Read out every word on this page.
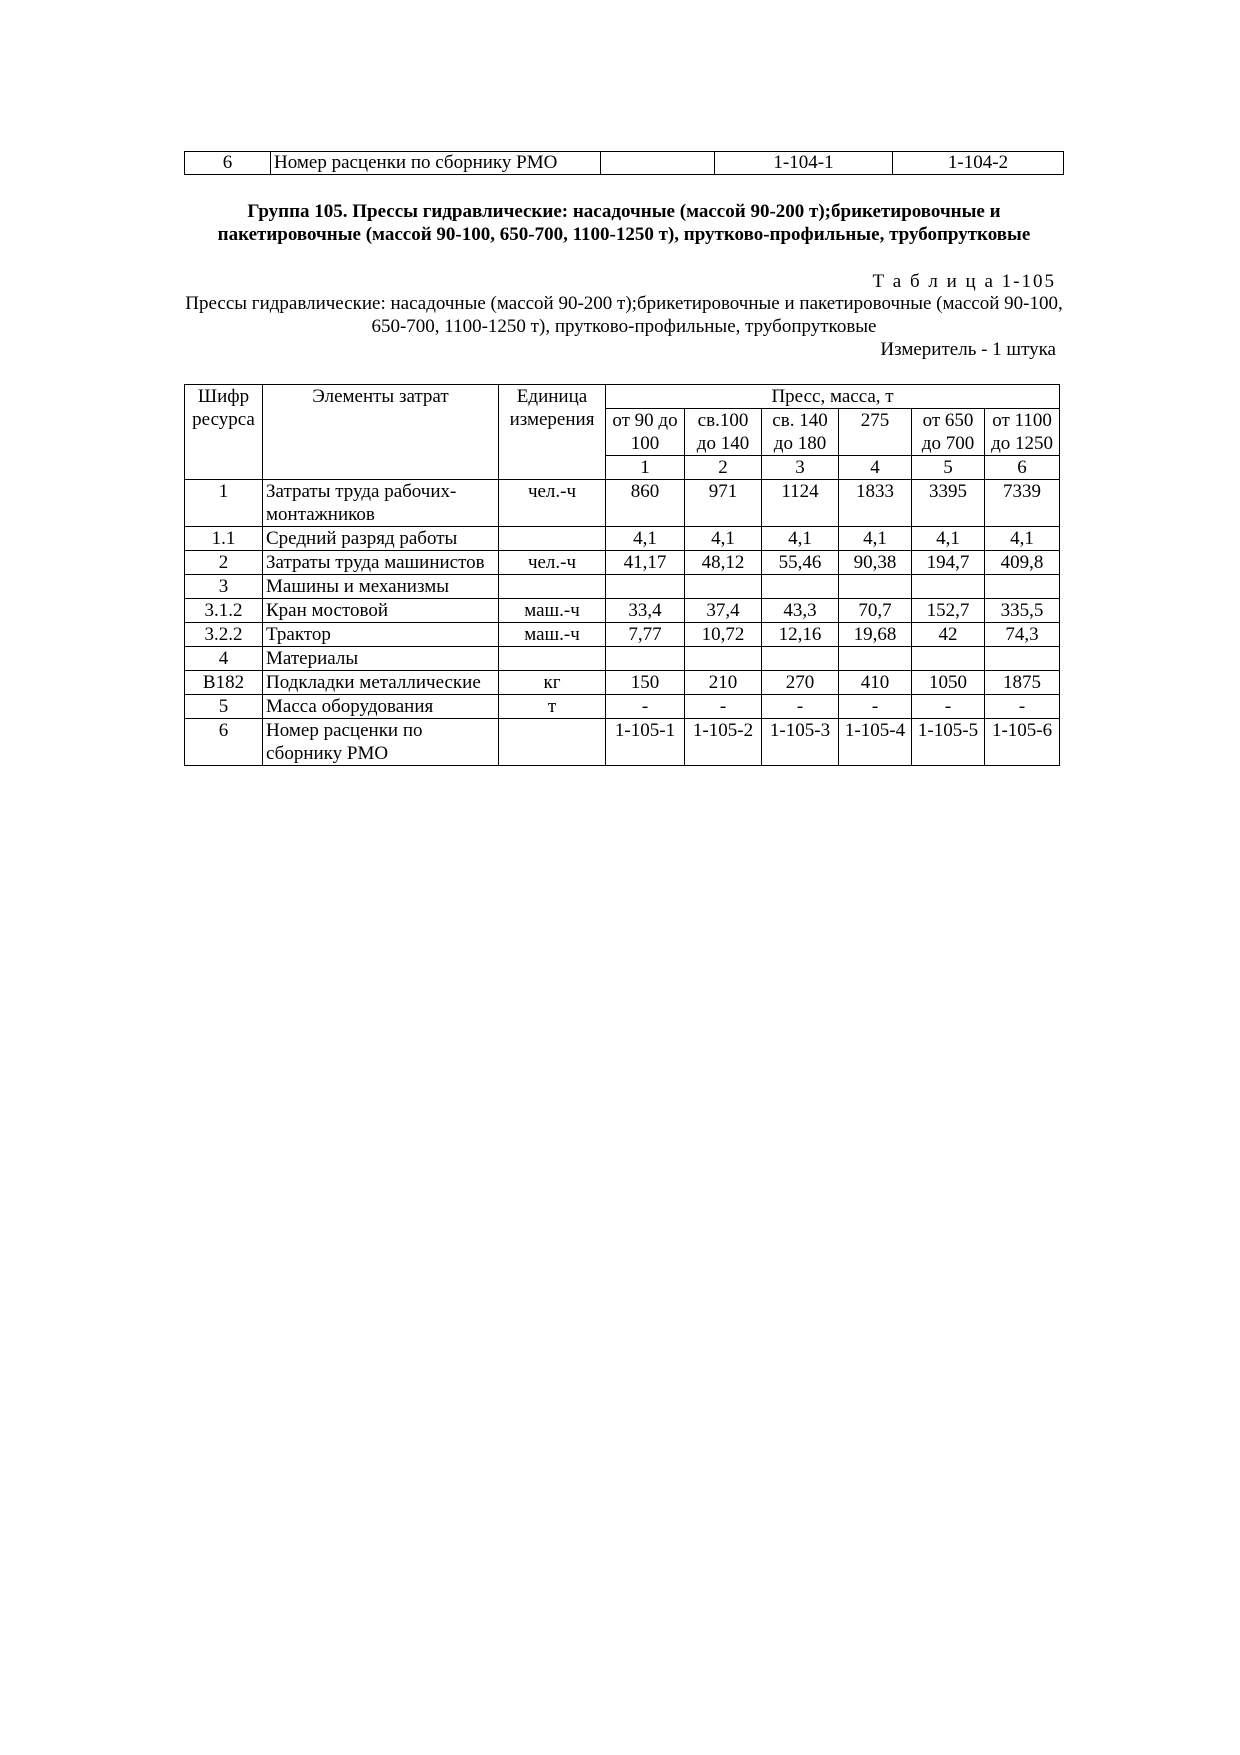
6	Номер расценки по сборнику РМО		1-104-1	1-104-2
Группа 105. Прессы гидравлические: насадочные (массой 90-200 т);брикетировочные и пакетировочные (массой 90-100, 650-700, 1100-1250 т), прутково-профильные, трубопрутковые
Т а б л и ц а 1-105
Прессы гидравлические: насадочные (массой 90-200 т);брикетировочные и пакетировочные (массой 90-100, 650-700, 1100-1250 т), прутково-профильные, трубопрутковые
Измеритель - 1 штука
Шифр ресурса	Элементы затрат	Единица измерения	Пресс, масса, т					
			от 90 до 100	св.100 до 140	св. 140 до 180	275	от 650 до 700	от 1100 до 1250
			1	2	3	4	5	6
1	Затраты труда рабочих-монтажников	чел.-ч	860	971	1124	1833	3395	7339
1.1	Средний разряд работы		4,1	4,1	4,1	4,1	4,1	4,1
2	Затраты труда машинистов	чел.-ч	41,17	48,12	55,46	90,38	194,7	409,8
3	Машины и механизмы							
3.1.2	Кран мостовой	маш.-ч	33,4	37,4	43,3	70,7	152,7	335,5
3.2.2	Трактор	маш.-ч	7,77	10,72	12,16	19,68	42	74,3
4	Материалы							
В182	Подкладки металлические	кг	150	210	270	410	1050	1875
5	Масса оборудования	т	-	-	-	-	-	-
6	Номер расценки по сборнику РМО		1-105-1	1-105-2	1-105-3	1-105-4	1-105-5	1-105-6
